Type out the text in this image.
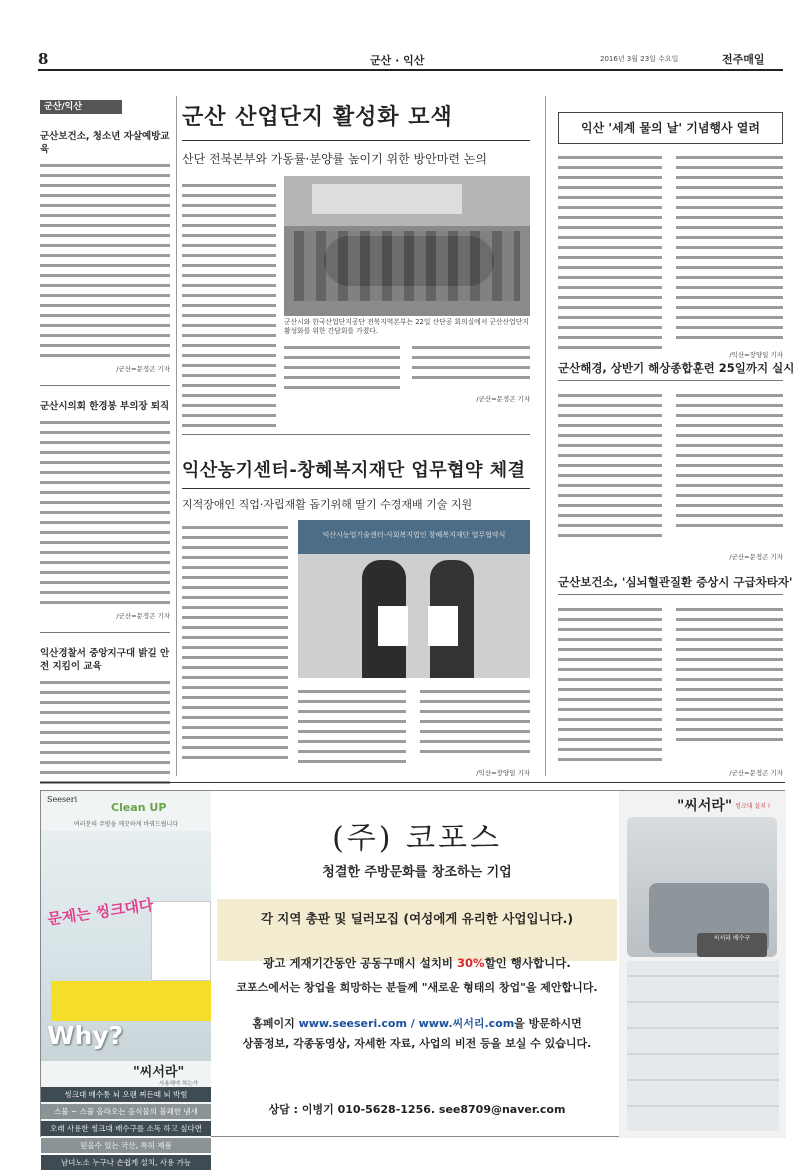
8	군산 · 익산	2016년 3월 23일 수요일	전주매일
군산/익산
군산보건소, 청소년 자살예방교육
/군산=문정곤 기자
군산시의회 한경봉 부의장 퇴직
/군산=문정곤 기자
익산경찰서 중앙지구대 밝길 안전 지킴이 교육
군산 산업단지 활성화 모색
산단 전북본부와 가동률·분양률 높이기 위한 방안마련 논의
군산시와 한국산업단지공단 전북지역본부는 22일 산단공 회의실에서 군산산업단지 활성화를 위한 간담회를 가졌다.
/군산=문정곤 기자
익산농기센터-창혜복지재단 업무협약 체결
지적장애인 직업·자립재활 돕기위해 딸기 수경재배 기술 지원
익산시농업기술센터-사회복지법인 창혜복지재단 업무협약식
/익산=장양일 기자
익산 '세계 물의 날' 기념행사 열려
/익산=장양일 기자
군산해경, 상반기 해상종합훈련 25일까지 실시
/군산=문정곤 기자
군산보건소, '심뇌혈관질환 증상시 구급차타자'
/군산=문정곤 기자
Seeseri
Clean UP
여러분의 주방을 깨끗하게 바꿔드립니다
문제는 씽크대다
Why?
"씨서라"
사용해야 하는가
씽크대 배수통 뇌 오랜 찌든때 뇌 박힘
스뮬 ~ 스뮬 올라오는 음식물의 불쾌한 냄새
오래 사용한 씽크대 배수구를 소독 하고 싶다면
믿을수 있는 국산, 특허 제품
남녀노소 누구나 손쉽게 설치, 사용 가능
(주) 코포스
청결한 주방문화를 창조하는 기업
각 지역 총판 및 딜러모집 (여성에게 유리한 사업입니다.)
광고 게재기간동안 공동구매시 설치비 30%할인 행사합니다.
코포스에서는 창업을 희망하는 분들께 "새로운 형태의 창업"을 제안합니다.
홈페이지 www.seeseri.com / www.씨서리.com을 방문하시면
상품정보, 각종동영상, 자세한 자료, 사업의 비전 등을 보실 수 있습니다.
상담 : 이병기 010-5628-1256. see8709@naver.com
"씨서라" 씽크대 설치 !
씨서라 배수구
